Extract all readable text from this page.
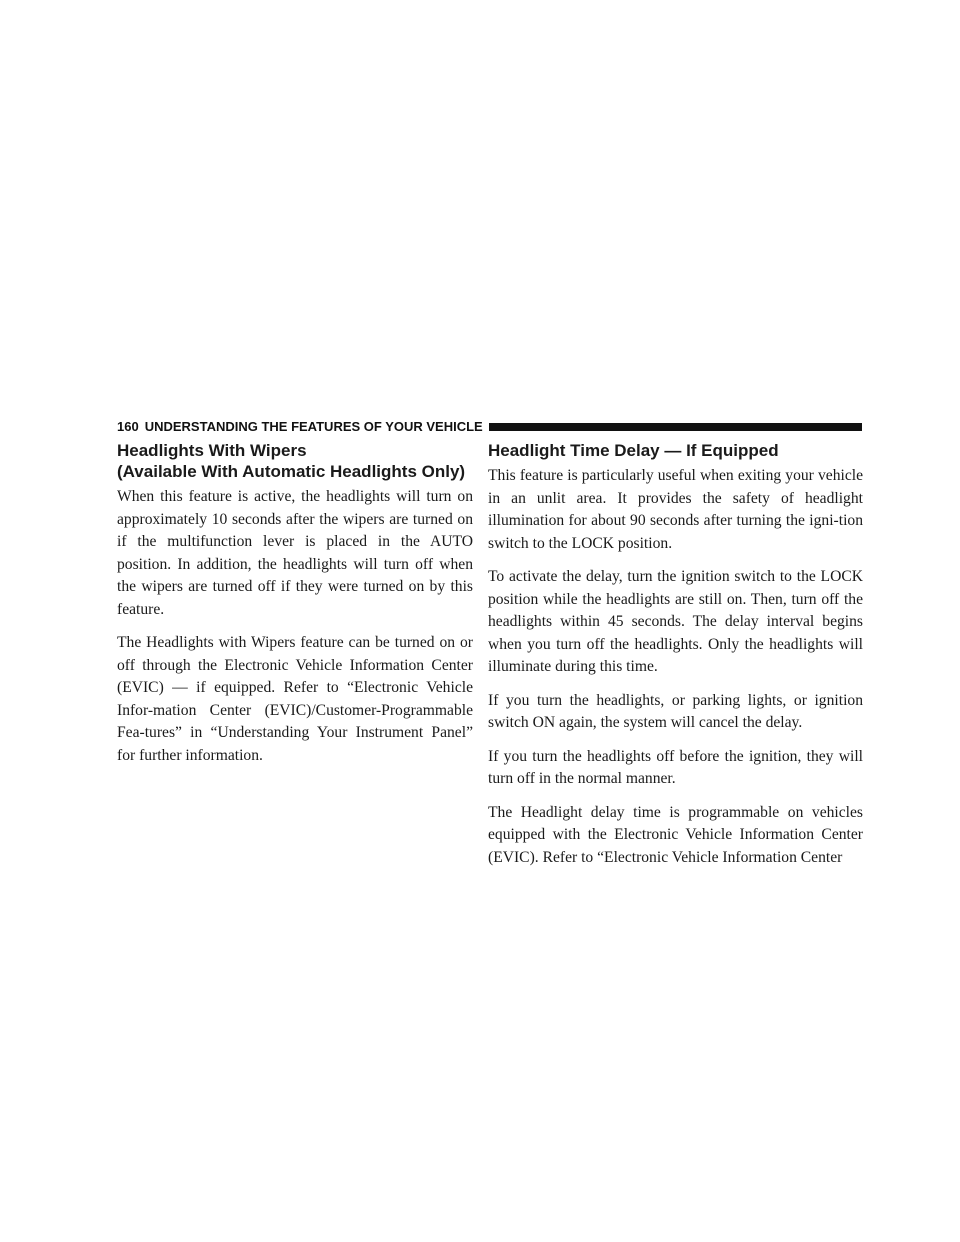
160 UNDERSTANDING THE FEATURES OF YOUR VEHICLE
Headlights With Wipers
(Available With Automatic Headlights Only)

When this feature is active, the headlights will turn on approximately 10 seconds after the wipers are turned on if the multifunction lever is placed in the AUTO position. In addition, the headlights will turn off when the wipers are turned off if they were turned on by this feature.

The Headlights with Wipers feature can be turned on or off through the Electronic Vehicle Information Center (EVIC) — if equipped. Refer to “Electronic Vehicle Infor-mation Center (EVIC)/Customer-Programmable Fea-tures” in “Understanding Your Instrument Panel” for further information.

Headlight Time Delay — If Equipped

This feature is particularly useful when exiting your vehicle in an unlit area. It provides the safety of headlight illumination for about 90 seconds after turning the igni-tion switch to the LOCK position.

To activate the delay, turn the ignition switch to the LOCK position while the headlights are still on. Then, turn off the headlights within 45 seconds. The delay interval begins when you turn off the headlights. Only the headlights will illuminate during this time.

If you turn the headlights, or parking lights, or ignition switch ON again, the system will cancel the delay.

If you turn the headlights off before the ignition, they will turn off in the normal manner.

The Headlight delay time is programmable on vehicles equipped with the Electronic Vehicle Information Center (EVIC). Refer to “Electronic Vehicle Information Center
